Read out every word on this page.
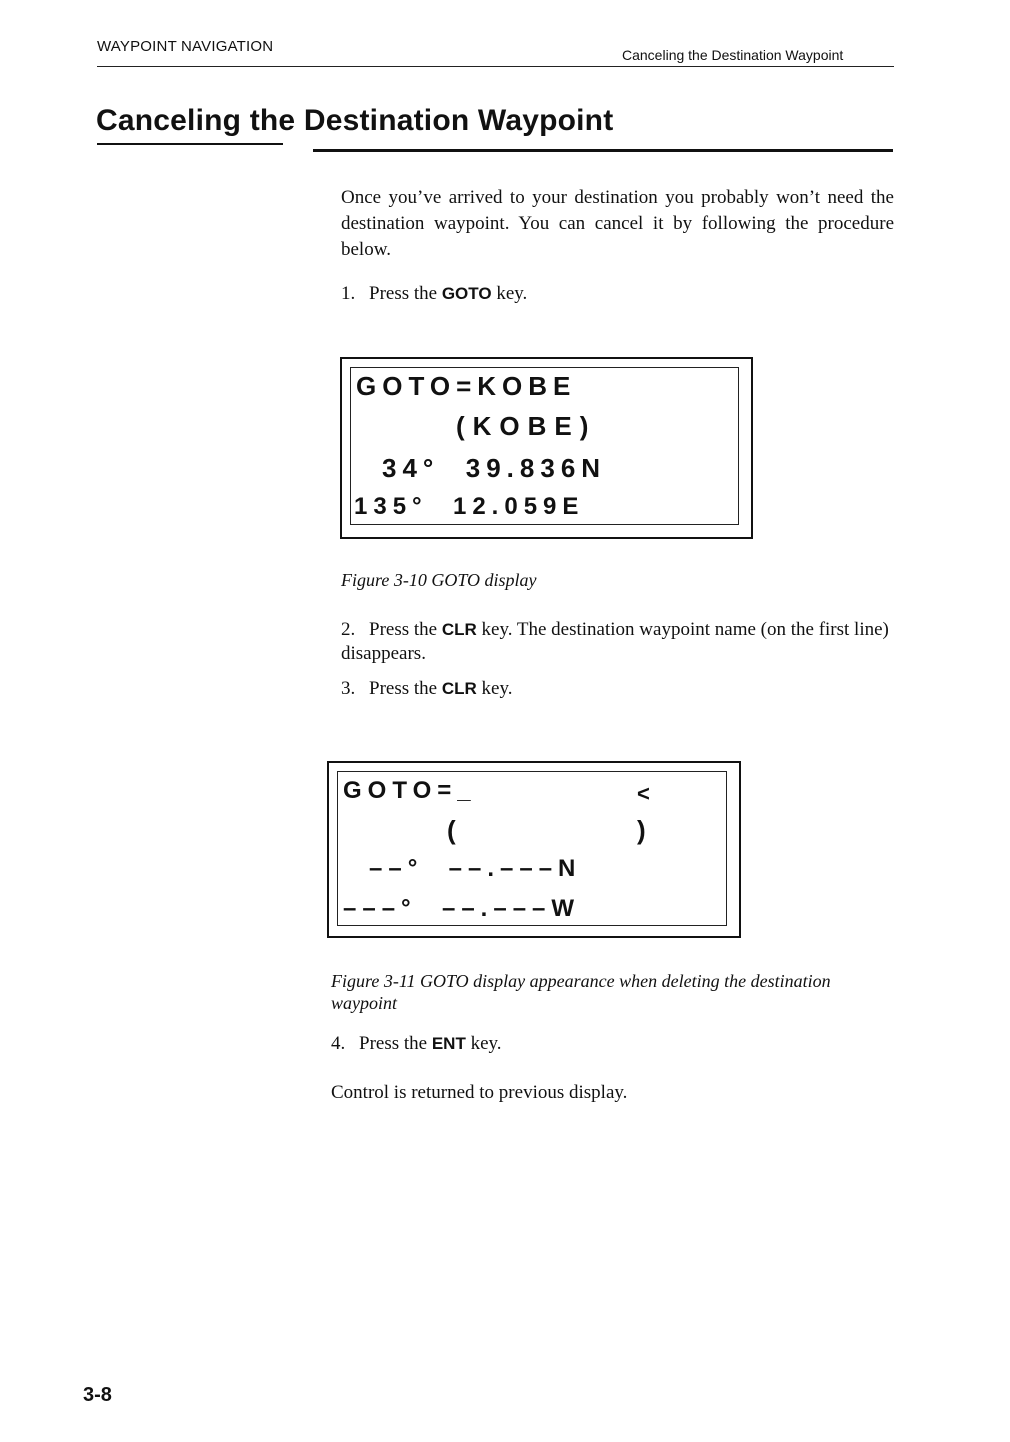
WAYPOINT NAVIGATION	Canceling the Destination Waypoint
Canceling the Destination Waypoint
Once you’ve arrived to your destination you probably won’t need the destination waypoint. You can cancel it by following the procedure below.
1. Press the GOTO key.
GOTO=KOBE
(KOBE)
34°  39.836N
135°  12.059E
Figure 3-10 GOTO display
2. Press the CLR key. The destination waypoint name (on the first line) disappears.
3. Press the CLR key.
GOTO=_	<
(	)
––°  ––.–––N
–––°  ––.–––W
Figure 3-11 GOTO display appearance when deleting the destination waypoint
4. Press the ENT key.
Control is returned to previous display.
3-8
